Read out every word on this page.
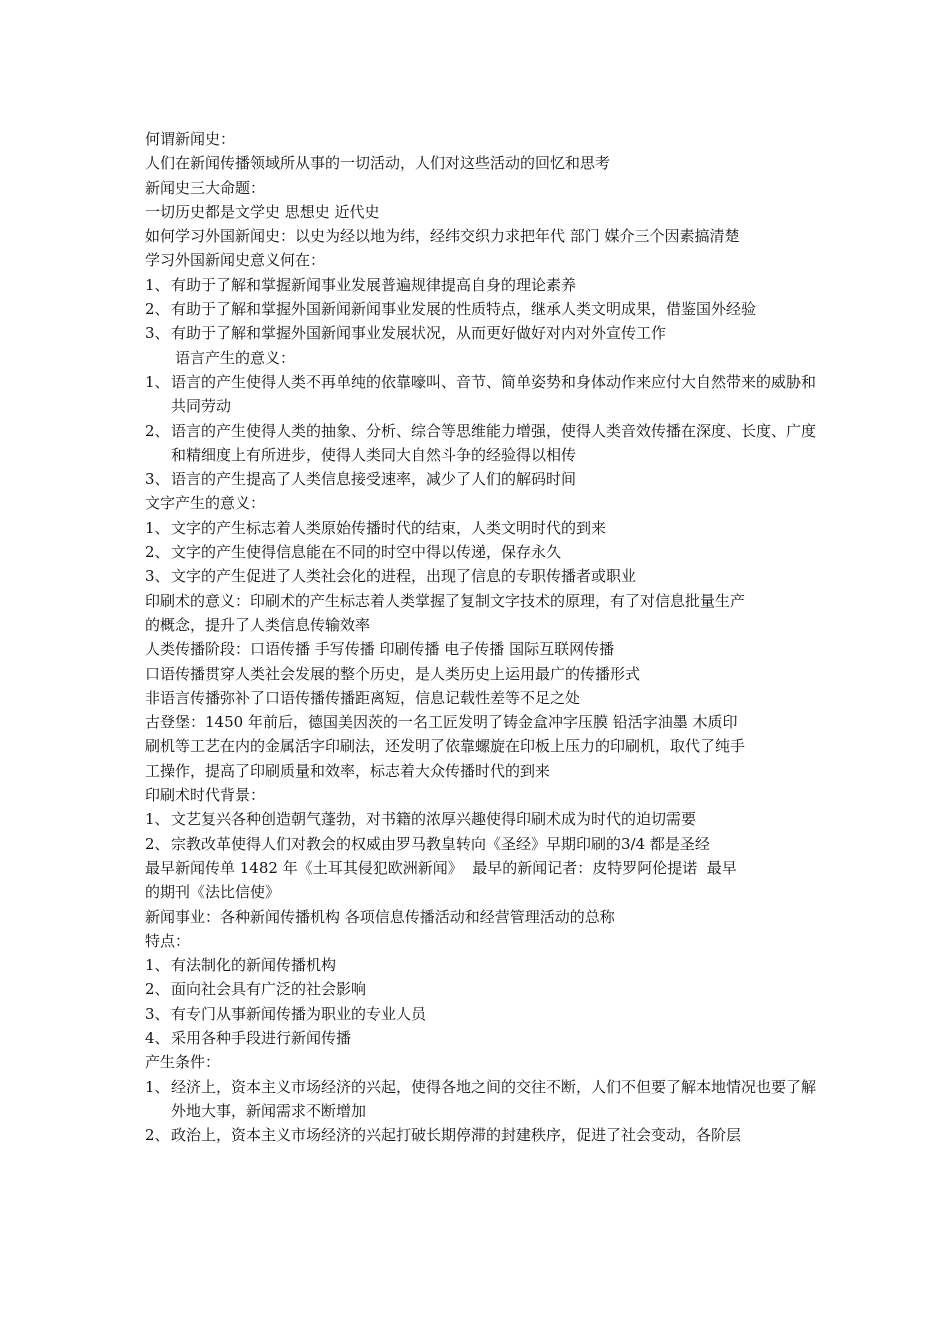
何谓新闻史：
人们在新闻传播领域所从事的一切活动，人们对这些活动的回忆和思考
新闻史三大命题：
一切历史都是文学史 思想史 近代史
如何学习外国新闻史：以史为经以地为纬，经纬交织力求把年代 部门 媒介三个因素搞清楚
学习外国新闻史意义何在：
1、 有助于了解和掌握新闻事业发展普遍规律提高自身的理论素养
2、 有助于了解和掌握外国新闻新闻事业发展的性质特点，继承人类文明成果，借鉴国外经验
3、 有助于了解和掌握外国新闻事业发展状况，从而更好做好对内对外宣传工作
语言产生的意义：
1、 语言的产生使得人类不再单纯的依靠嚎叫、音节、简单姿势和身体动作来应付大自然带来的威胁和共同劳动
2、 语言的产生使得人类的抽象、分析、综合等思维能力增强，使得人类音效传播在深度、长度、广度和精细度上有所进步，使得人类同大自然斗争的经验得以相传
3、 语言的产生提高了人类信息接受速率，减少了人们的解码时间
文字产生的意义：
1、 文字的产生标志着人类原始传播时代的结束，人类文明时代的到来
2、 文字的产生使得信息能在不同的时空中得以传递，保存永久
3、 文字的产生促进了人类社会化的进程，出现了信息的专职传播者或职业
印刷术的意义：印刷术的产生标志着人类掌握了复制文字技术的原理，有了对信息批量生产
的概念，提升了人类信息传输效率
人类传播阶段：口语传播 手写传播 印刷传播 电子传播 国际互联网传播
口语传播贯穿人类社会发展的整个历史，是人类历史上运用最广的传播形式
非语言传播弥补了口语传播传播距离短，信息记载性差等不足之处
古登堡：1450 年前后，德国美因茨的一名工匠发明了铸金盒冲字压膜 铅活字油墨 木质印
刷机等工艺在内的金属活字印刷法，还发明了依靠螺旋在印板上压力的印刷机，取代了纯手
工操作，提高了印刷质量和效率，标志着大众传播时代的到来
印刷术时代背景：
1、 文艺复兴各种创造朝气蓬勃，对书籍的浓厚兴趣使得印刷术成为时代的迫切需要
2、 宗教改革使得人们对教会的权威由罗马教皇转向《圣经》早期印刷的3/4 都是圣经
最早新闻传单 1482 年《土耳其侵犯欧洲新闻》  最早的新闻记者：皮特罗阿伦提诺  最早
的期刊《法比信使》
新闻事业：各种新闻传播机构 各项信息传播活动和经营管理活动的总称
特点：
1、 有法制化的新闻传播机构
2、 面向社会具有广泛的社会影响
3、 有专门从事新闻传播为职业的专业人员
4、 采用各种手段进行新闻传播
产生条件：
1、 经济上，资本主义市场经济的兴起，使得各地之间的交往不断，人们不但要了解本地情况也要了解外地大事，新闻需求不断增加
2、 政治上，资本主义市场经济的兴起打破长期停滞的封建秩序，促进了社会变动，各阶层
